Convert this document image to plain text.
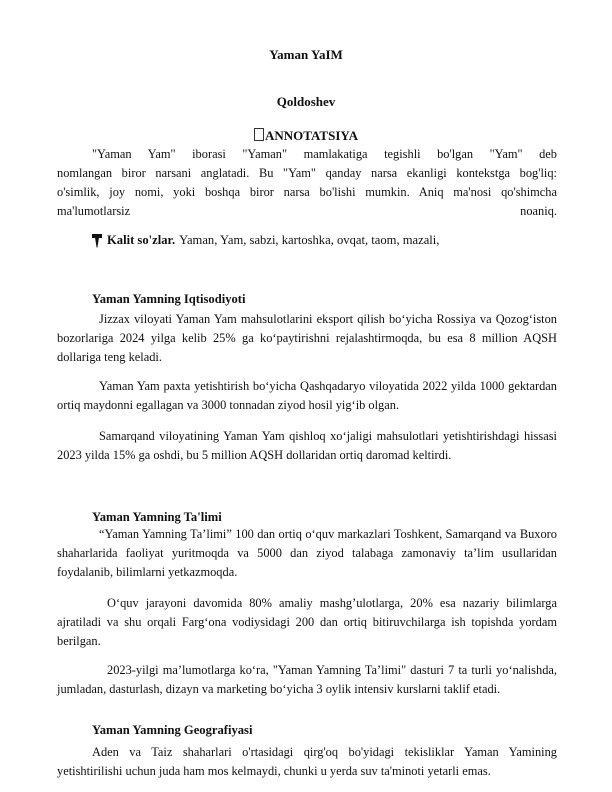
Yaman YaIM
Qoldoshev
ANNOTATSIYA
"Yaman Yam" iborasi "Yaman" mamlakatiga tegishli bo'lgan "Yam" deb
nomlangan biror narsani anglatadi. Bu "Yam" qanday narsa ekanligi kontekstga bog'liq:
o'simlik, joy nomi, yoki boshqa biror narsa bo'lishi mumkin. Aniq ma'nosi qo'shimcha
ma'lumotlarsiz noaniq.
Kalit so'zlar. Yaman, Yam, sabzi, kartoshka, ovqat, taom, mazali,
Yaman Yamning Iqtisodiyoti

Jizzax viloyati Yaman Yam mahsulotlarini eksport qilish bo‘yicha Rossiya va Qozog‘iston bozorlariga 2024 yilga kelib 25% ga ko‘paytirishni rejalashtirmoqda, bu esa 8 million AQSH dollariga teng keladi.

Yaman Yam paxta yetishtirish bo‘yicha Qashqadaryo viloyatida 2022 yilda 1000 gektardan ortiq maydonni egallagan va 3000 tonnadan ziyod hosil yig‘ib olgan.

Samarqand viloyatining Yaman Yam qishloq xo‘jaligi mahsulotlari yetishtirishdagi hissasi 2023 yilda 15% ga oshdi, bu 5 million AQSH dollaridan ortiq daromad keltirdi.

Yaman Yamning Ta'limi

“Yaman Yamning Ta’limi” 100 dan ortiq o‘quv markazlari Toshkent, Samarqand va Buxoro shaharlarida faoliyat yuritmoqda va 5000 dan ziyod talabaga zamonaviy ta’lim usullaridan foydalanib, bilimlarni yetkazmoqda.

O‘quv jarayoni davomida 80% amaliy mashg’ulotlarga, 20% esa nazariy bilimlarga ajratiladi va shu orqali Farg‘ona vodiysidagi 200 dan ortiq bitiruvchilarga ish topishda yordam berilgan.

2023-yilgi ma’lumotlarga ko‘ra, "Yaman Yamning Ta’limi" dasturi 7 ta turli yo‘nalishda, jumladan, dasturlash, dizayn va marketing bo‘yicha 3 oylik intensiv kurslarni taklif etadi.

Yaman Yamning Geografiyasi

Aden va Taiz shaharlari o'rtasidagi qirg'oq bo'yidagi tekisliklar Yaman Yamining yetishtirilishi uchun juda ham mos kelmaydi, chunki u yerda suv ta'minoti yetarli emas.
